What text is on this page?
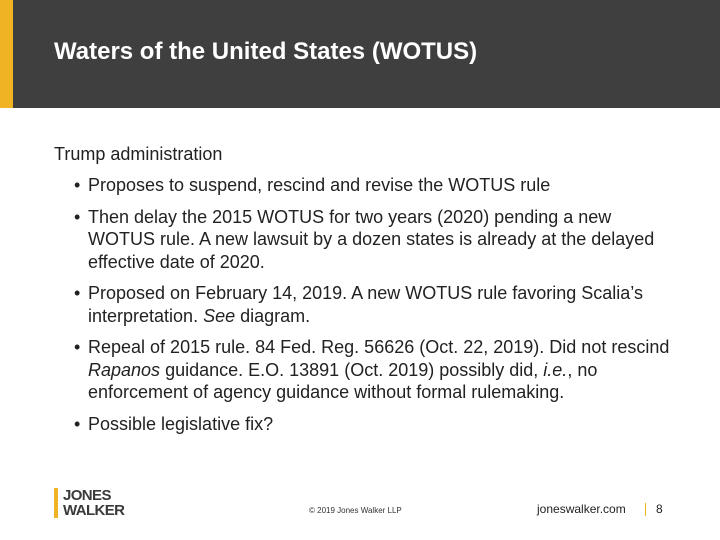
Waters of the United States (WOTUS)

Trump administration

• Proposes to suspend, rescind and revise the WOTUS rule
• Then delay the 2015 WOTUS for two years (2020) pending a new WOTUS rule. A new lawsuit by a dozen states is already at the delayed effective date of 2020.
• Proposed on February 14, 2019. A new WOTUS rule favoring Scalia’s interpretation. See diagram.
• Repeal of 2015 rule. 84 Fed. Reg. 56626 (Oct. 22, 2019). Did not rescind Rapanos guidance. E.O. 13891 (Oct. 2019) possibly did, i.e., no enforcement of agency guidance without formal rulemaking.
• Possible legislative fix?
JONES
WALKER	© 2019 Jones Walker LLP	joneswalker.com	8
